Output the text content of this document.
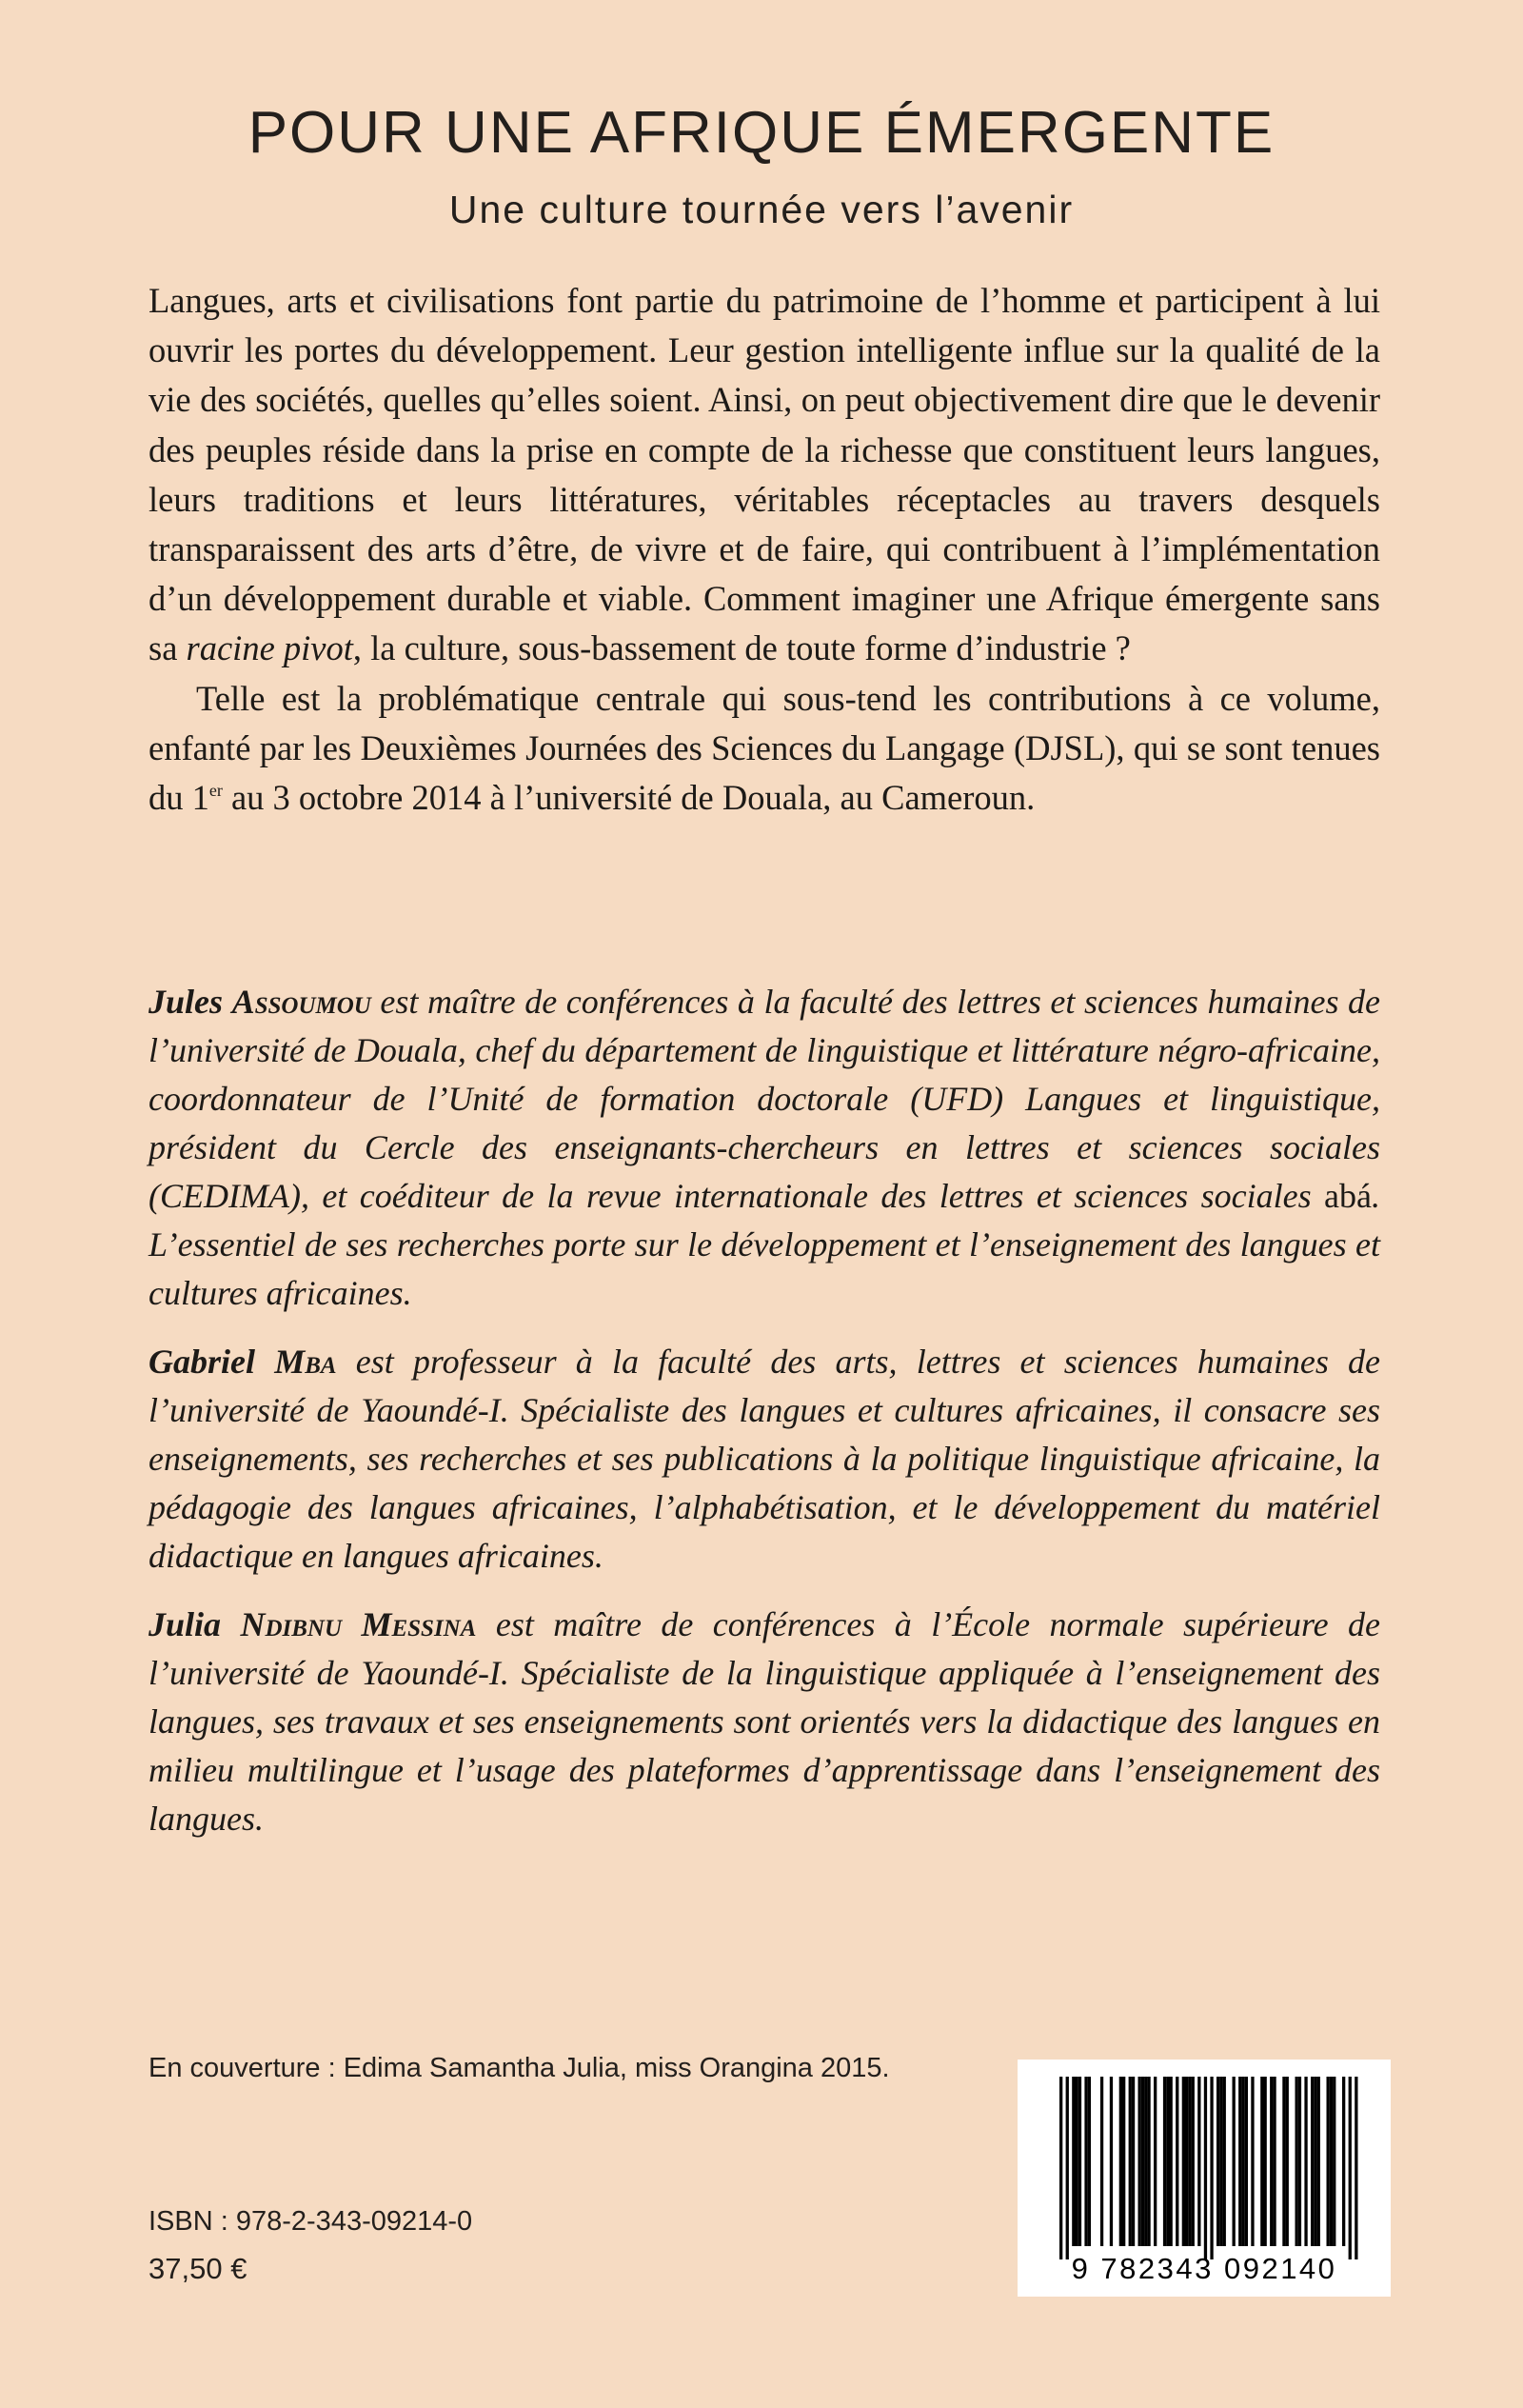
POUR UNE AFRIQUE ÉMERGENTE
Une culture tournée vers l’avenir

Langues, arts et civilisations font partie du patrimoine de l’homme et participent à lui ouvrir les portes du développement. Leur gestion intelligente influe sur la qualité de la vie des sociétés, quelles qu’elles soient. Ainsi, on peut objectivement dire que le devenir des peuples réside dans la prise en compte de la richesse que constituent leurs langues, leurs traditions et leurs littératures, véritables réceptacles au travers desquels transparaissent des arts d’être, de vivre et de faire, qui contribuent à l’implémentation d’un développement durable et viable. Comment imaginer une Afrique émergente sans sa racine pivot, la culture, sous-bassement de toute forme d’industrie ?

Telle est la problématique centrale qui sous-tend les contributions à ce volume, enfanté par les Deuxièmes Journées des Sciences du Langage (DJSL), qui se sont tenues du 1er au 3 octobre 2014 à l’université de Douala, au Cameroun.

Jules Assoumou est maître de conférences à la faculté des lettres et sciences humaines de l’université de Douala, chef du département de linguistique et littérature négro-africaine, coordonnateur de l’Unité de formation doctorale (UFD) Langues et linguistique, président du Cercle des enseignants-chercheurs en lettres et sciences sociales (CEDIMA), et coéditeur de la revue internationale des lettres et sciences sociales abá. L’essentiel de ses recherches porte sur le développement et l’enseignement des langues et cultures africaines.

Gabriel Mba est professeur à la faculté des arts, lettres et sciences humaines de l’université de Yaoundé-I. Spécialiste des langues et cultures africaines, il consacre ses enseignements, ses recherches et ses publications à la politique linguistique africaine, la pédagogie des langues africaines, l’alphabétisation, et le développement du matériel didactique en langues africaines.

Julia Ndibnu Messina est maître de conférences à l’École normale supérieure de l’université de Yaoundé-I. Spécialiste de la linguistique appliquée à l’enseignement des langues, ses travaux et ses enseignements sont orientés vers la didactique des langues en milieu multilingue et l’usage des plateformes d’apprentissage dans l’enseignement des langues.

En couverture : Edima Samantha Julia, miss Orangina 2015.
ISBN : 978-2-343-09214-0
37,50 €	9 782343 092140
